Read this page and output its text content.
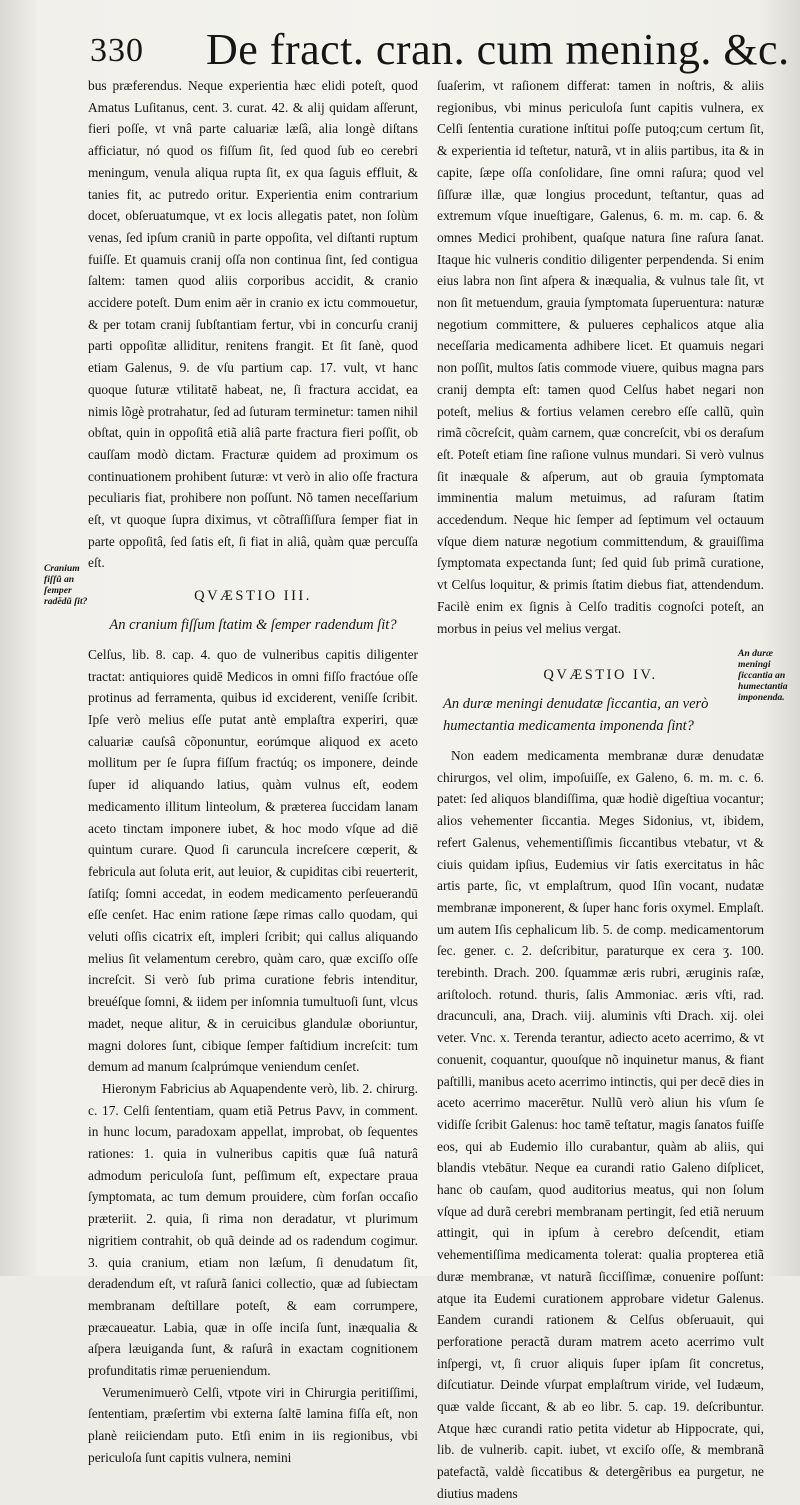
330 De fract. cran. cum mening. &c.
Cranium fiſſũ an ſemper radēdũ ſit?
An duræ meningi ſiccantia an humectantia imponenda.

bus præferendus. Neque experientia hæc elidi poteſt, quod Amatus Luſitanus, cent. 3. curat. 42. & alij quidam aſſerunt, fieri poſſe, vt vnâ parte caluariæ læſâ, alia longè diſtans afficiatur, nó quod os fiſſum ſit, ſed quod ſub eo cerebri meningum, venula aliqua rupta ſit, ex qua ſaguis effluit, & tanies fit, ac putredo oritur. Experientia enim contrarium docet, obſeruatumque, vt ex locis allegatis patet, non ſolùm venas, ſed ipſum craniũ in parte oppoſita, vel diſtanti ruptum fuiſſe. Et quamuis cranij oſſa non continua ſint, ſed contigua ſaltem: tamen quod aliis corporibus accidit, & cranio accidere poteſt. Dum enim aër in cranio ex ictu commouetur, & per totam cranij ſubſtantiam fertur, vbi in concurſu cranij parti oppoſitæ alliditur, renitens frangit. Et ſit ſanè, quod etiam Galenus, 9. de vſu partium cap. 17. vult, vt hanc quoque ſuturæ vtilitatē habeat, ne, ſi fractura accidat, ea nimis lõgè protrahatur, ſed ad ſuturam terminetur: tamen nihil obſtat, quin in oppoſitâ etiã aliâ parte fractura fieri poſſit, ob cauſſam modò dictam. Fracturæ quidem ad proximum os continuationem prohibent ſuturæ: vt verò in alio oſſe fractura peculiaris fiat, prohibere non poſſunt. Nõ tamen neceſſarium eſt, vt quoque ſupra diximus, vt cõtraſſiſſura ſemper fiat in parte oppoſitâ, ſed ſatis eſt, ſi fiat in aliâ, quàm quæ percuſſa eſt.

QVÆSTIO III.
An cranium fiſſum ſtatim & ſemper radendum ſit?

Celſus, lib. 8. cap. 4. quo de vulneribus capitis diligenter tractat: antiquiores quidē Medicos in omni fiſſo fractóue oſſe protinus ad ferramenta, quibus id exciderent, veniſſe ſcribit. Ipſe verò melius eſſe putat antè emplaſtra experiri, quæ caluariæ cauſsâ cõponuntur, eorúmque aliquod ex aceto mollitum per ſe ſupra fiſſum fractúq; os imponere, deinde ſuper id aliquando latius, quàm vulnus eſt, eodem medicamento illitum linteolum, & præterea ſuccidam lanam aceto tinctam imponere iubet, & hoc modo vſque ad diē quintum curare. Quod ſi caruncula increſcere cœperit, & febricula aut ſoluta erit, aut leuior, & cupiditas cibi reuerterit, ſatiſq; ſomni accedat, in eodem medicamento perſeuerandū eſſe cenſet. Hac enim ratione ſæpe rimas callo quodam, qui veluti oſſis cicatrix eſt, impleri ſcribit; qui callus aliquando melius ſit velamentum cerebro, quàm caro, quæ exciſſo oſſe increſcit. Si verò ſub prima curatione febris intenditur, breuéſque ſomni, & iidem per inſomnia tumultuoſi ſunt, vlcus madet, neque alitur, & in ceruicibus glandulæ oboriuntur, magni dolores ſunt, cibique ſemper faſtidium increſcit: tum demum ad manum ſcalprúmque veniendum cenſet.

Hieronym Fabricius ab Aquapendente verò, lib. 2. chirurg. c. 17. Celſi ſententiam, quam etiã Petrus Pavv, in comment. in hunc locum, paradoxam appellat, improbat, ob ſequentes rationes: 1. quia in vulneribus capitis quæ ſuâ naturâ admodum periculoſa ſunt, peſſimum eſt, expectare praua ſymptomata, ac tum demum prouidere, cùm forſan occaſio præteriit. 2. quia, ſi rima non deradatur, vt plurimum nigritiem contrahit, ob quã deinde ad os radendum cogimur. 3. quia cranium, etiam non læſum, ſi denudatum ſit, deradendum eſt, vt raſurã ſanici collectio, quæ ad ſubiectam membranam deſtillare poteſt, & eam corrumpere, præcaueatur. Labia, quæ in oſſe inciſa ſunt, inæqualia & aſpera læuiganda ſunt, & raſurâ in exactam cognitionem profunditatis rimæ perueniendum.

Verumenimuerò Celſi, vtpote viri in Chirurgia peritiſſimi, ſententiam, præſertim vbi externa ſaltē lamina fiſſa eſt, non planè reiiciendam puto. Etſi enim in iis regionibus, vbi periculoſa ſunt capitis vulnera, nemini

ſuaſerim, vt raſionem differat: tamen in noſtris, & aliis regionibus, vbi minus periculoſa ſunt capitis vulnera, ex Celſi ſententia curatione inſtitui poſſe putoq;cum certum ſit, & experientia id teſtetur, naturã, vt in aliis partibus, ita & in capite, ſæpe oſſa conſolidare, ſine omni raſura; quod vel ſiſſuræ illæ, quæ longius procedunt, teſtantur, quas ad extremum vſque inueſtigare, Galenus, 6. m. m. cap. 6. & omnes Medici prohibent, quaſque natura ſine raſura ſanat. Itaque hic vulneris conditio diligenter perpendenda. Si enim eius labra non ſint aſpera & inæqualia, & vulnus tale ſit, vt non ſit metuendum, grauia ſymptomata ſuperuentura: naturæ negotium committere, & pulueres cephalicos atque alia neceſſaria medicamenta adhibere licet. Et quamuis negari non poſſit, multos ſatis commode viuere, quibus magna pars cranij dempta eſt: tamen quod Celſus habet negari non poteſt, melius & fortius velamen cerebro eſſe callũ, quìn rimã cõcreſcit, quàm carnem, quæ concreſcit, vbi os deraſum eſt. Poteſt etiam ſine raſione vulnus mundari. Si verò vulnus ſit inæquale & aſperum, aut ob grauia ſymptomata imminentia malum metuimus, ad raſuram ſtatim accedendum. Neque hic ſemper ad ſeptimum vel octauum vſque diem naturæ negotium committendum, & grauiſſima ſymptomata expectanda ſunt; ſed quid ſub primã curatione, vt Celſus loquitur, & primis ſtatim diebus fiat, attendendum. Facilè enim ex ſignis à Celſo traditis cognoſci poteſt, an morbus in peius vel melius vergat.

QVÆSTIO IV.
An duræ meningi denudatæ ſiccantia, an verò humectantia medicamenta imponenda ſint?

Non eadem medicamenta membranæ duræ denudatæ chirurgos, vel olim, impoſuiſſe, ex Galeno, 6. m. m. c. 6. patet: ſed aliquos blandiſſima, quæ hodiè digeſtiua vocantur; alios vehementer ſiccantia. Meges Sidonius, vt, ibidem, refert Galenus, vehementiſſimis ſiccantibus vtebatur, vt & ciuis quidam ipſius, Eudemius vir ſatis exercitatus in hâc artis parte, ſic, vt emplaſtrum, quod Iſin vocant, nudatæ membranæ imponerent, & ſuper hanc foris oxymel. Emplaſt. um autem Iſis cephalicum lib. 5. de comp. medicamentorum ſec. gener. c. 2. deſcribitur, paraturque ex cera ʒ. 100. terebinth. Drach. 200. ſquammæ æris rubri, æruginis raſæ, ariſtoloch. rotund. thuris, ſalis Ammoniac. æris vſti, rad. dracunculi, ana, Drach. viij. aluminis vſti Drach. xij. olei veter. Vnc. x. Terenda terantur, adiecto aceto acerrimo, & vt conuenit, coquantur, quouſque nõ inquinetur manus, & fiant paſtilli, manibus aceto acerrimo intinctis, qui per decē dies in aceto acerrimo macerētur. Nullũ verò aliun his vſum ſe vidiſſe ſcribit Galenus: hoc tamē teſtatur, magis ſanatos fuiſſe eos, qui ab Eudemio illo curabantur, quàm ab aliis, qui blandis vtebātur. Neque ea curandi ratio Galeno diſplicet, hanc ob cauſam, quod auditorius meatus, qui non ſolum vſque ad durã cerebri membranam pertingit, ſed etiã neruum attingit, qui in ipſum à cerebro deſcendit, etiam vehementiſſima medicamenta tolerat: qualia propterea etiã duræ membranæ, vt naturã ſicciſſimæ, conuenire poſſunt: atque ita Eudemi curationem approbare videtur Galenus. Eandem curandi rationem & Celſus obſeruauit, qui perforatione peractã duram matrem aceto acerrimo vult inſpergi, vt, ſi cruor aliquis ſuper ipſam ſit concretus, diſcutiatur. Deinde vſurpat emplaſtrum viride, vel Iudæum, quæ valde ſiccant, & ab eo libr. 5. cap. 19. deſcribuntur. Atque hæc curandi ratio petita videtur ab Hippocrate, qui, lib. de vulnerib. capit. iubet, vt exciſo oſſe, & membranã patefactã, valdè ſiccatibus & detergẽribus ea purgetur, ne diutius madens
